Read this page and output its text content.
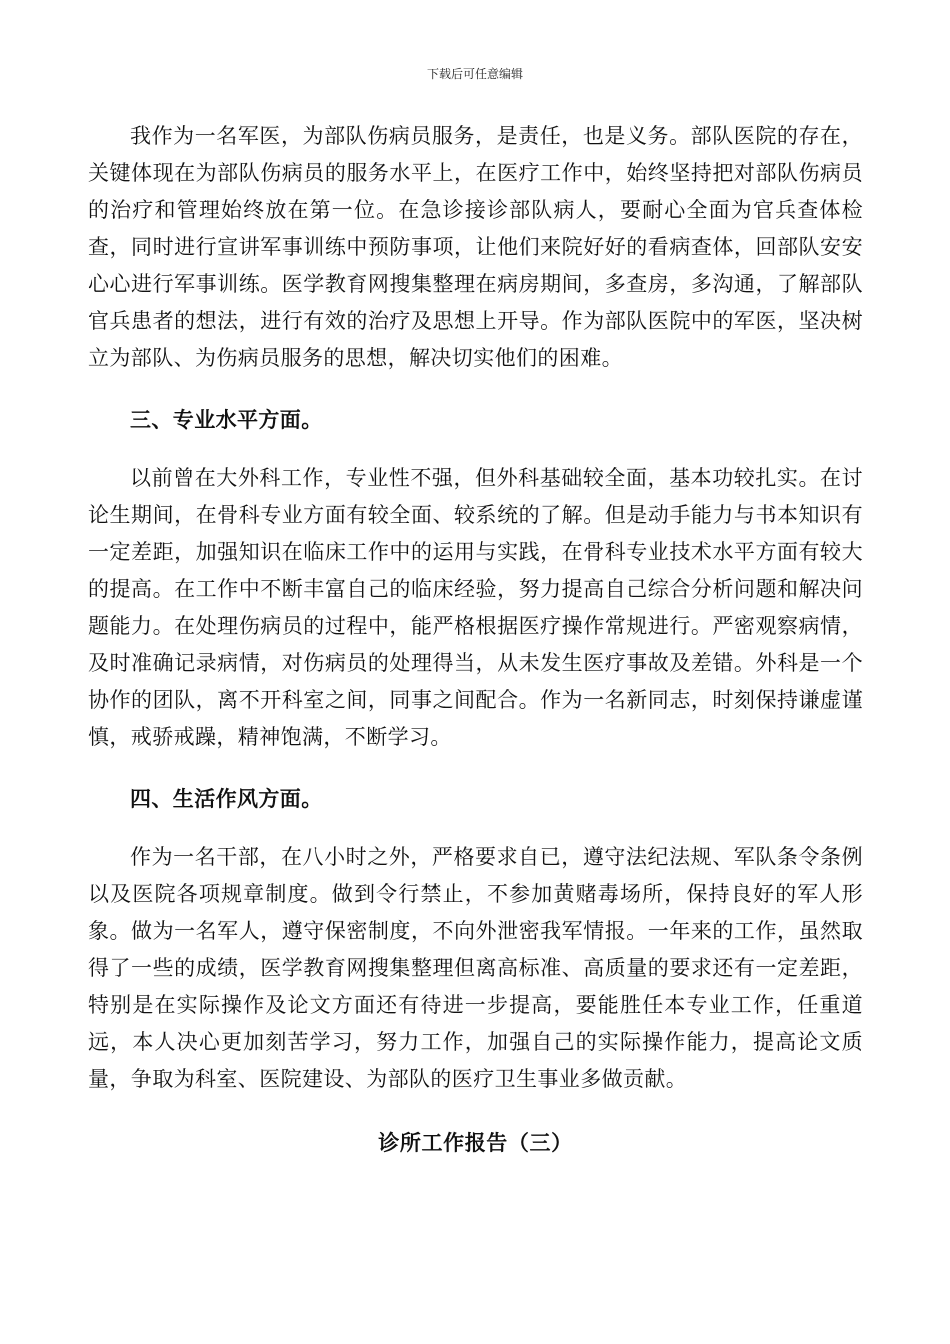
下载后可任意编辑

我作为一名军医，为部队伤病员服务，是责任，也是义务。部队医院的存在，关键体现在为部队伤病员的服务水平上，在医疗工作中，始终坚持把对部队伤病员的治疗和管理始终放在第一位。在急诊接诊部队病人，要耐心全面为官兵查体检查，同时进行宣讲军事训练中预防事项，让他们来院好好的看病查体，回部队安安心心进行军事训练。医学教育网搜集整理在病房期间，多查房，多沟通，了解部队官兵患者的想法，进行有效的治疗及思想上开导。作为部队医院中的军医，坚决树立为部队、为伤病员服务的思想，解决切实他们的困难。

三、专业水平方面。

以前曾在大外科工作，专业性不强，但外科基础较全面，基本功较扎实。在讨论生期间，在骨科专业方面有较全面、较系统的了解。但是动手能力与书本知识有一定差距，加强知识在临床工作中的运用与实践，在骨科专业技术水平方面有较大的提高。在工作中不断丰富自己的临床经验，努力提高自己综合分析问题和解决问题能力。在处理伤病员的过程中，能严格根据医疗操作常规进行。严密观察病情，及时准确记录病情，对伤病员的处理得当，从未发生医疗事故及差错。外科是一个协作的团队，离不开科室之间，同事之间配合。作为一名新同志，时刻保持谦虚谨慎，戒骄戒躁，精神饱满，不断学习。

四、生活作风方面。

作为一名干部，在八小时之外，严格要求自已，遵守法纪法规、军队条令条例以及医院各项规章制度。做到令行禁止，不参加黄赌毒场所，保持良好的军人形象。做为一名军人，遵守保密制度，不向外泄密我军情报。一年来的工作，虽然取得了一些的成绩，医学教育网搜集整理但离高标准、高质量的要求还有一定差距，特别是在实际操作及论文方面还有待进一步提高，要能胜任本专业工作，任重道远，本人决心更加刻苦学习，努力工作，加强自己的实际操作能力，提高论文质量，争取为科室、医院建设、为部队的医疗卫生事业多做贡献。

诊所工作报告（三）
